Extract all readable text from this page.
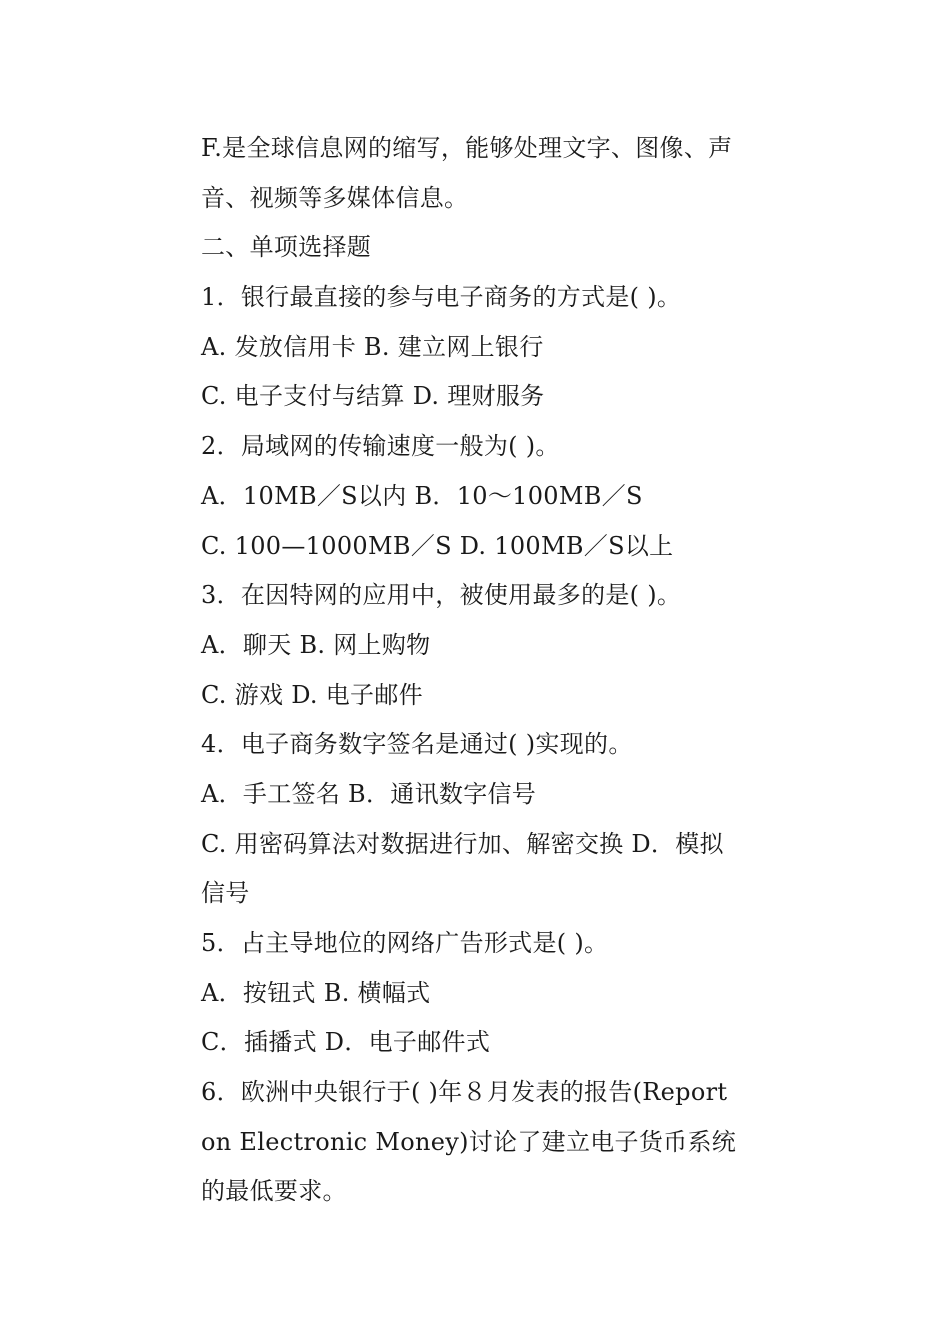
F.是全球信息网的缩写，能够处理文字、图像、声
音、视频等多媒体信息。
二、单项选择题
1．银行最直接的参与电子商务的方式是( )。
A. 发放信用卡 B. 建立网上银行
C. 电子支付与结算 D. 理财服务
2．局域网的传输速度一般为( )。
A．10MB／S以内 B．10～100MB／S
C. 100—1000MB／S D. 100MB／S以上
3．在因特网的应用中，被使用最多的是( )。
A．聊天 B. 网上购物
C. 游戏 D. 电子邮件
4．电子商务数字签名是通过( )实现的。
A．手工签名 B．通讯数字信号
C. 用密码算法对数据进行加、解密交换 D．模拟
信号
5．占主导地位的网络广告形式是( )。
A．按钮式 B. 横幅式
C．插播式 D．电子邮件式
6．欧洲中央银行于( )年８月发表的报告(Report
on Electronic Money)讨论了建立电子货币系统
的最低要求。
